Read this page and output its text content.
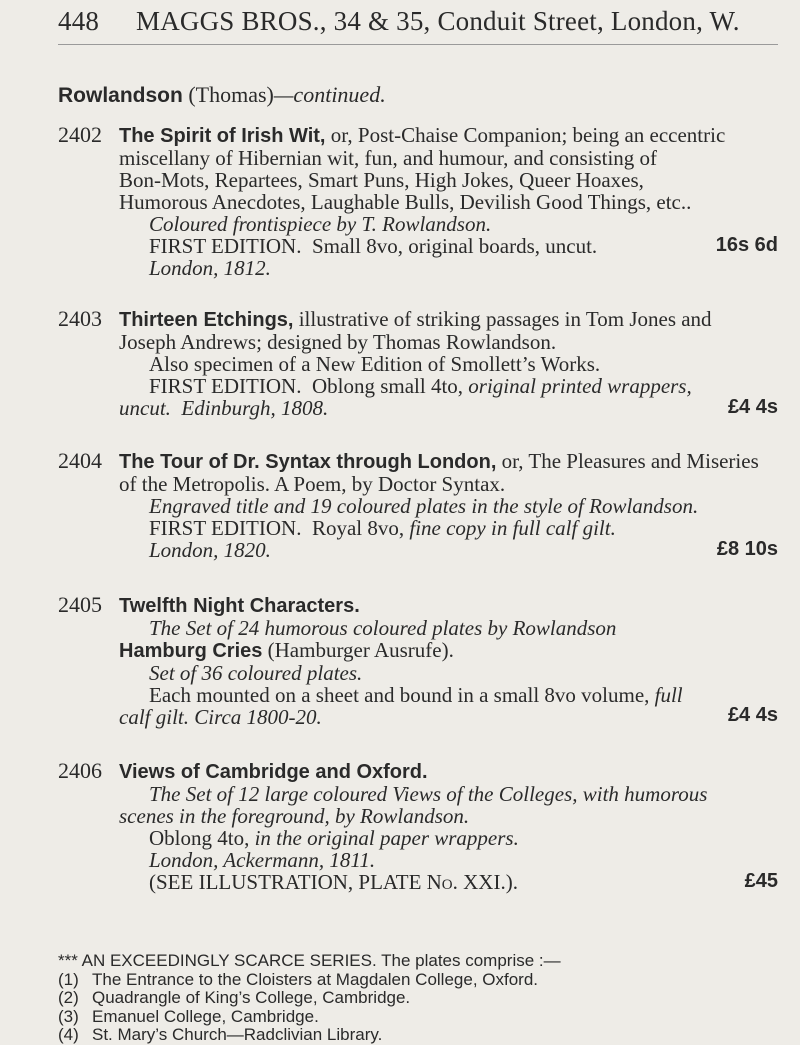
448 MAGGS BROS., 34 & 35, Conduit Street, London, W.
Rowlandson (Thomas)—continued.
2402 The Spirit of Irish Wit, or, Post-Chaise Companion; being an eccentric
miscellany of Hibernian wit, fun, and humour, and consisting of
Bon-Mots, Repartees, Smart Puns, High Jokes, Queer Hoaxes,
Humorous Anecdotes, Laughable Bulls, Devilish Good Things, etc..
Coloured frontispiece by T. Rowlandson.
FIRST EDITION. Small 8vo, original boards, uncut.
London, 1812.
16s 6d
2403 Thirteen Etchings, illustrative of striking passages in Tom Jones and
Joseph Andrews; designed by Thomas Rowlandson.
Also specimen of a New Edition of Smollett’s Works.
FIRST EDITION. Oblong small 4to, original printed wrappers,
uncut. Edinburgh, 1808.	£4 4s
2404 The Tour of Dr. Syntax through London, or, The Pleasures and Miseries
of the Metropolis. A Poem, by Doctor Syntax.
Engraved title and 19 coloured plates in the style of Rowlandson.
FIRST EDITION. Royal 8vo, fine copy in full calf gilt.
London, 1820.	£8 10s
2405 Twelfth Night Characters.
The Set of 24 humorous coloured plates by Rowlandson
Hamburg Cries (Hamburger Ausrufe).
Set of 36 coloured plates.
Each mounted on a sheet and bound in a small 8vo volume, full
calf gilt. Circa 1800-20.	£4 4s
2406 Views of Cambridge and Oxford.
The Set of 12 large coloured Views of the Colleges, with humorous
scenes in the foreground, by Rowlandson.
Oblong 4to, in the original paper wrappers.
London, Ackermann, 1811.
(SEE ILLUSTRATION, PLATE No. XXI.).	£45
*** AN EXCEEDINGLY SCARCE SERIES. The plates comprise :—
(1) The Entrance to the Cloisters at Magdalen College, Oxford.
(2) Quadrangle of King’s College, Cambridge.
(3) Emanuel College, Cambridge.
(4) St. Mary’s Church—Radclivian Library.
